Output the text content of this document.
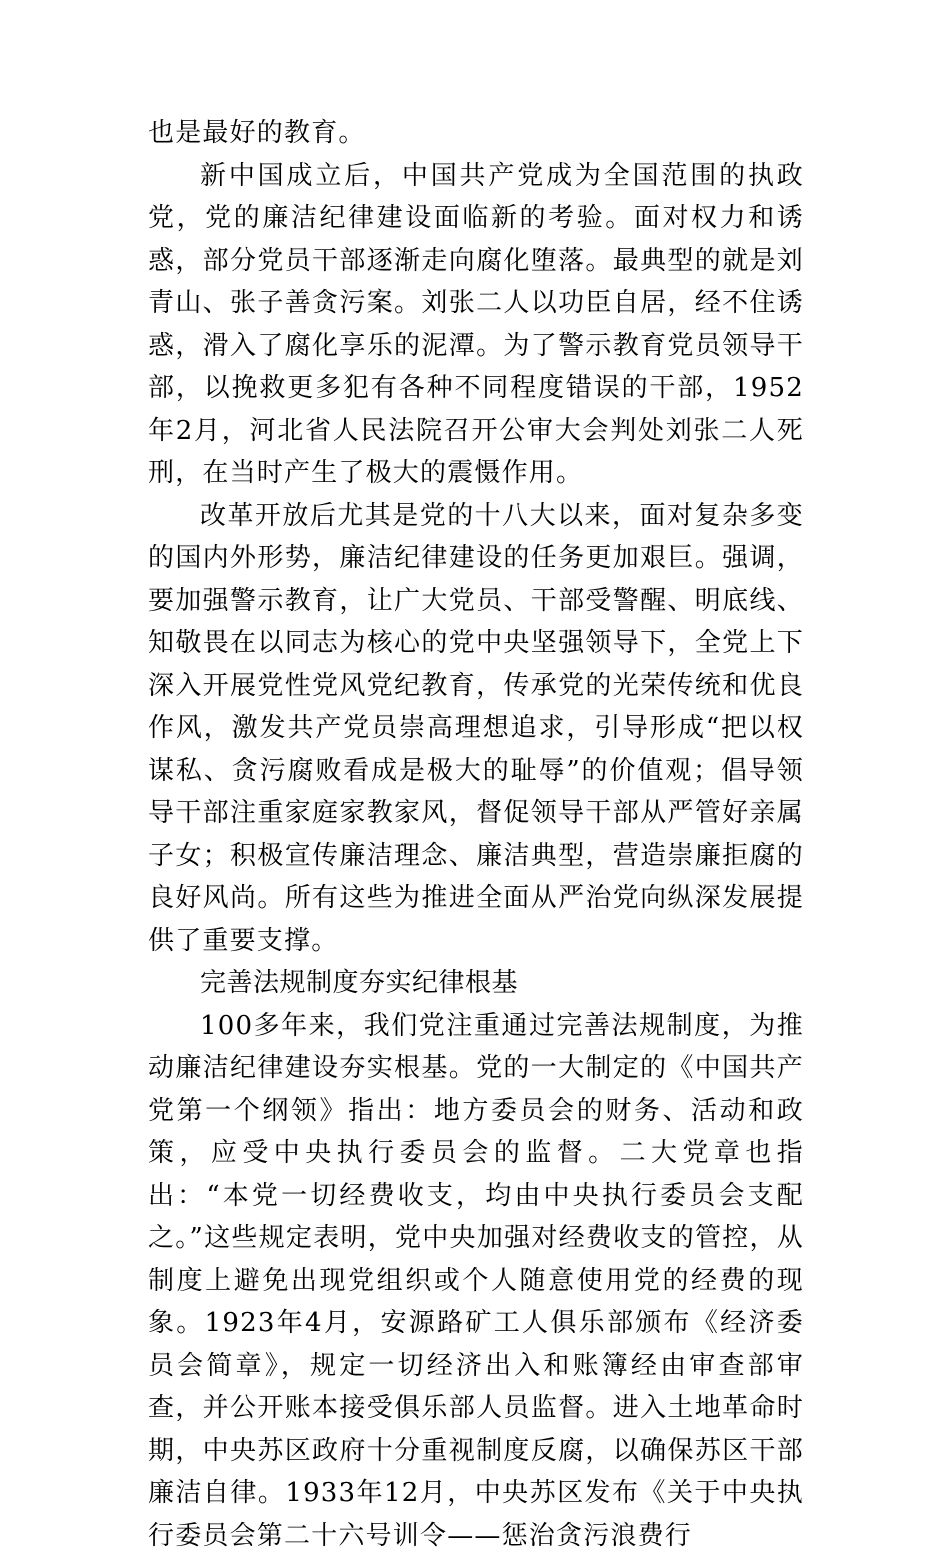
也是最好的教育。

新中国成立后，中国共产党成为全国范围的执政党，党的廉洁纪律建设面临新的考验。面对权力和诱惑，部分党员干部逐渐走向腐化堕落。最典型的就是刘青山、张子善贪污案。刘张二人以功臣自居，经不住诱惑，滑入了腐化享乐的泥潭。为了警示教育党员领导干部，以挽救更多犯有各种不同程度错误的干部，1952年2月，河北省人民法院召开公审大会判处刘张二人死刑，在当时产生了极大的震慑作用。

改革开放后尤其是党的十八大以来，面对复杂多变的国内外形势，廉洁纪律建设的任务更加艰巨。强调，要加强警示教育，让广大党员、干部受警醒、明底线、知敬畏在以同志为核心的党中央坚强领导下，全党上下深入开展党性党风党纪教育，传承党的光荣传统和优良作风，激发共产党员崇高理想追求，引导形成“把以权谋私、贪污腐败看成是极大的耻辱”的价值观；倡导领导干部注重家庭家教家风，督促领导干部从严管好亲属子女；积极宣传廉洁理念、廉洁典型，营造崇廉拒腐的良好风尚。所有这些为推进全面从严治党向纵深发展提供了重要支撑。

完善法规制度夯实纪律根基

100多年来，我们党注重通过完善法规制度，为推动廉洁纪律建设夯实根基。党的一大制定的《中国共产党第一个纲领》指出：地方委员会的财务、活动和政策，应受中央执行委员会的监督。二大党章也指出：“本党一切经费收支，均由中央执行委员会支配之。”这些规定表明，党中央加强对经费收支的管控，从制度上避免出现党组织或个人随意使用党的经费的现象。1923年4月，安源路矿工人俱乐部颁布《经济委员会简章》，规定一切经济出入和账簿经由审查部审查，并公开账本接受俱乐部人员监督。进入土地革命时期，中央苏区政府十分重视制度反腐，以确保苏区干部廉洁自律。1933年12月，中央苏区发布《关于中央执行委员会第二十六号训令——惩治贪污浪费行
